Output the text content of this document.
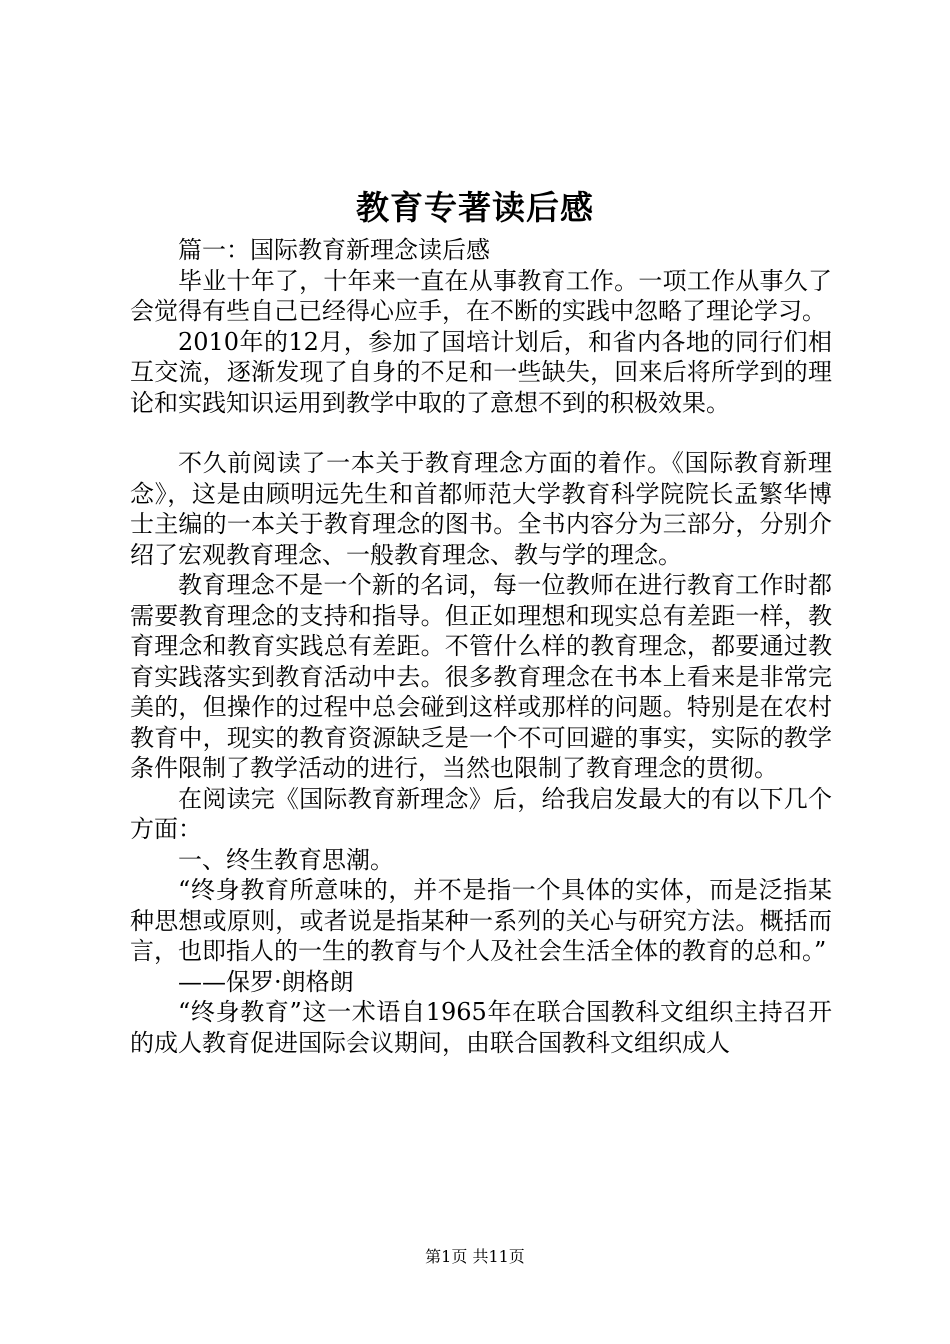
教育专著读后感

篇一：国际教育新理念读后感

毕业十年了，十年来一直在从事教育工作。一项工作从事久了会觉得有些自己已经得心应手，在不断的实践中忽略了理论学习。

2010年的12月，参加了国培计划后，和省内各地的同行们相互交流，逐渐发现了自身的不足和一些缺失，回来后将所学到的理论和实践知识运用到教学中取的了意想不到的积极效果。

不久前阅读了一本关于教育理念方面的着作。《国际教育新理念》，这是由顾明远先生和首都师范大学教育科学院院长孟繁华博士主编的一本关于教育理念的图书。全书内容分为三部分，分别介绍了宏观教育理念、一般教育理念、教与学的理念。

教育理念不是一个新的名词，每一位教师在进行教育工作时都需要教育理念的支持和指导。但正如理想和现实总有差距一样，教育理念和教育实践总有差距。不管什么样的教育理念，都要通过教育实践落实到教育活动中去。很多教育理念在书本上看来是非常完美的，但操作的过程中总会碰到这样或那样的问题。特别是在农村教育中，现实的教育资源缺乏是一个不可回避的事实，实际的教学条件限制了教学活动的进行，当然也限制了教育理念的贯彻。

在阅读完《国际教育新理念》后，给我启发最大的有以下几个方面：

一、终生教育思潮。

“终身教育所意味的，并不是指一个具体的实体，而是泛指某种思想或原则，或者说是指某种一系列的关心与研究方法。概括而言，也即指人的一生的教育与个人及社会生活全体的教育的总和。”

——保罗·朗格朗

“终身教育”这一术语自1965年在联合国教科文组织主持召开的成人教育促进国际会议期间，由联合国教科文组织成人

第1页 共11页
